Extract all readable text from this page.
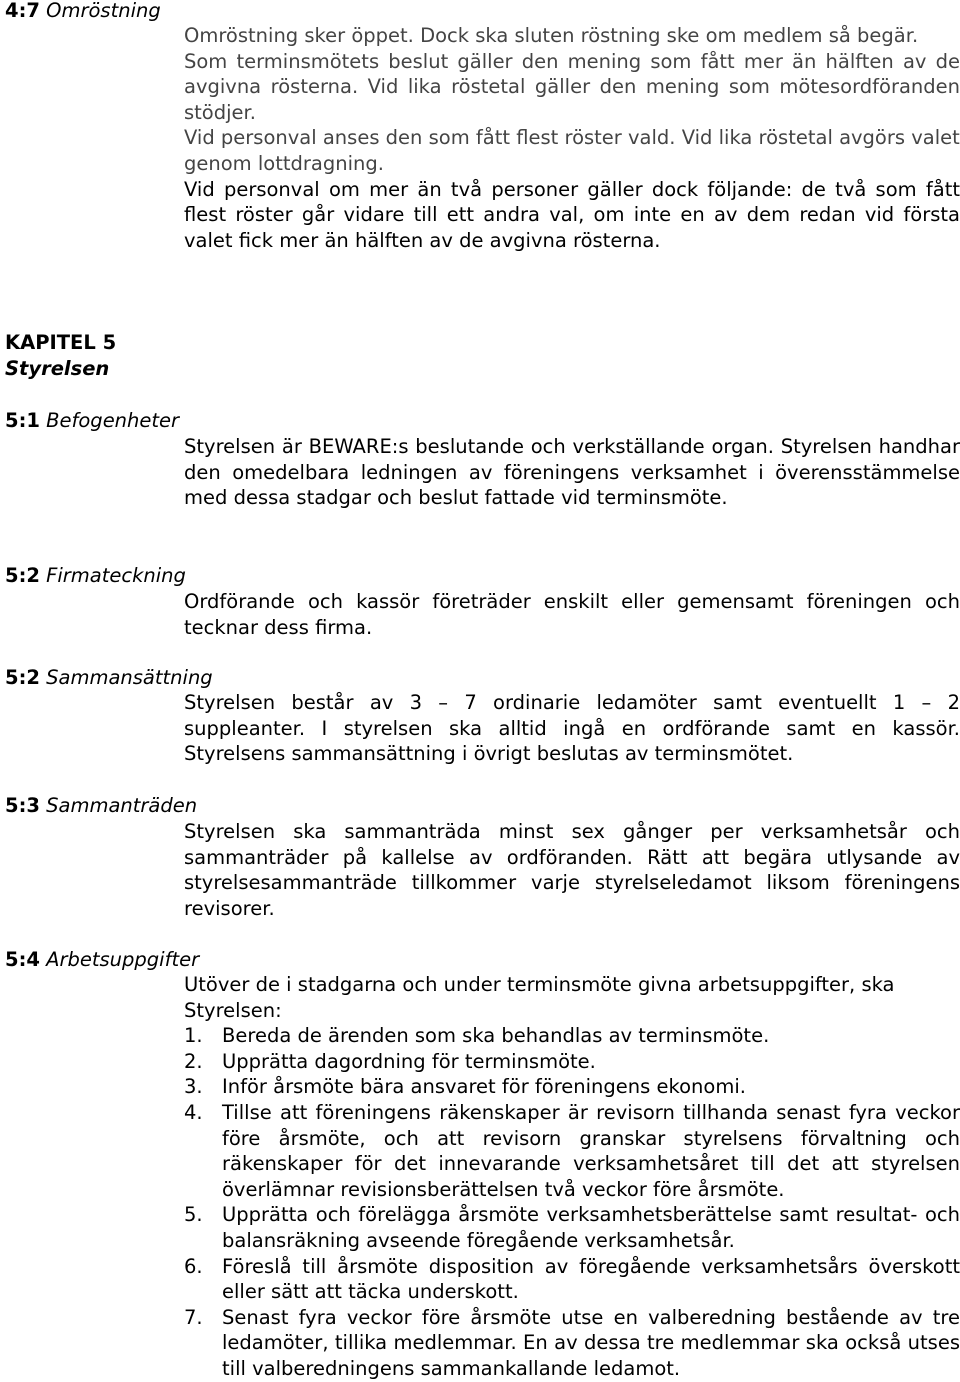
4:7 Omröstning

Omröstning sker öppet. Dock ska sluten röstning ske om medlem så begär.

Som terminsmötets beslut gäller den mening som fått mer än hälften av de avgivna rösterna. Vid lika röstetal gäller den mening som mötesordföranden stödjer.

Vid personval anses den som fått flest röster vald. Vid lika röstetal avgörs valet genom lottdragning.

Vid personval om mer än två personer gäller dock följande: de två som fått flest röster går vidare till ett andra val, om inte en av dem redan vid första valet fick mer än hälften av de avgivna rösterna.

KAPITEL 5
Styrelsen
5:1 Befogenheter

Styrelsen är BEWARE:s beslutande och verkställande organ. Styrelsen handhar den omedelbara ledningen av föreningens verksamhet i överensstämmelse med dessa stadgar och beslut fattade vid terminsmöte.

5:2 Firmateckning

Ordförande och kassör företräder enskilt eller gemensamt föreningen och tecknar dess firma.

5:2 Sammansättning

Styrelsen består av 3 – 7 ordinarie ledamöter samt eventuellt 1 – 2 suppleanter. I styrelsen ska alltid ingå en ordförande samt en kassör. Styrelsens sammansättning i övrigt beslutas av terminsmötet.

5:3 Sammanträden

Styrelsen ska sammanträda minst sex gånger per verksamhetsår och sammanträder på kallelse av ordföranden. Rätt att begära utlysande av styrelsesammanträde tillkommer varje styrelseledamot liksom föreningens revisorer.

5:4 Arbetsuppgifter

Utöver de i stadgarna och under terminsmöte givna arbetsuppgifter, ska Styrelsen:

1. Bereda de ärenden som ska behandlas av terminsmöte.
2. Upprätta dagordning för terminsmöte.
3. Inför årsmöte bära ansvaret för föreningens ekonomi.
4. Tillse att föreningens räkenskaper är revisorn tillhanda senast fyra veckor före årsmöte, och att revisorn granskar styrelsens förvaltning och räkenskaper för det innevarande verksamhetsåret till det att styrelsen överlämnar revisionsberättelsen två veckor före årsmöte.
5. Upprätta och förelägga årsmöte verksamhetsberättelse samt resultat- och balansräkning avseende föregående verksamhetsår.
6. Föreslå till årsmöte disposition av föregående verksamhetsårs överskott eller sätt att täcka underskott.
7. Senast fyra veckor före årsmöte utse en valberedning bestående av tre ledamöter, tillika medlemmar. En av dessa tre medlemmar ska också utses till valberedningens sammankallande ledamot.
